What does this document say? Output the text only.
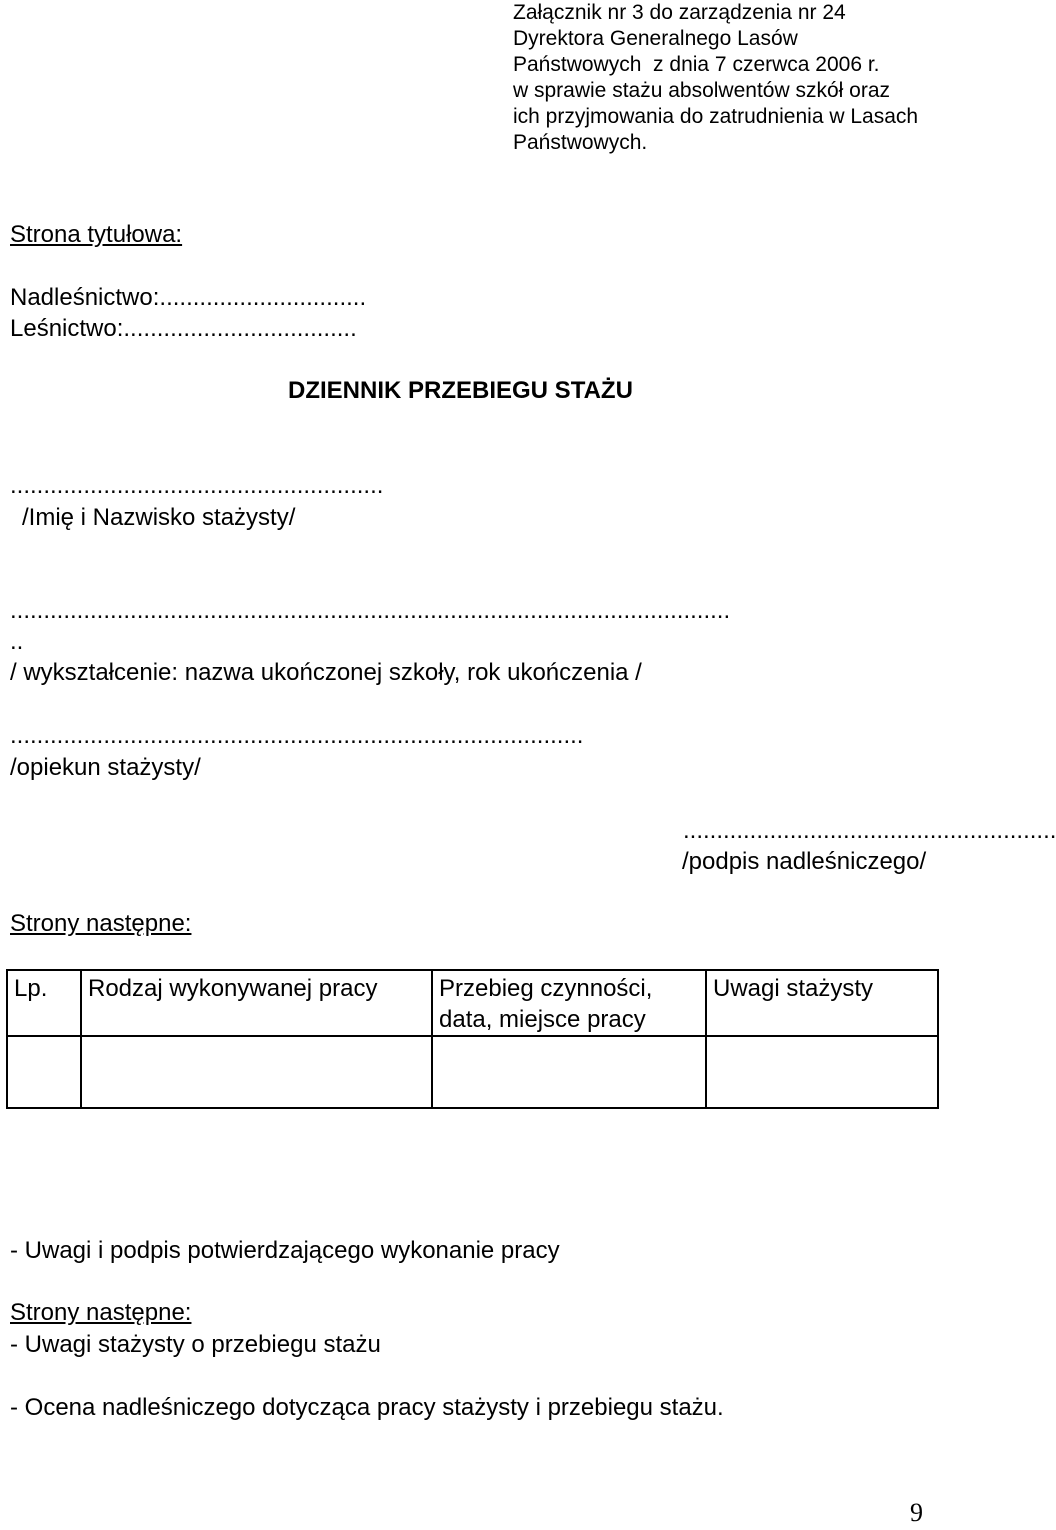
Załącznik nr 3 do zarządzenia nr 24
Dyrektora Generalnego Lasów
Państwowych  z dnia 7 czerwca 2006 r.
w sprawie stażu absolwentów szkół oraz
ich przyjmowania do zatrudnienia w Lasach
Państwowych.
Strona tytułowa:
Nadleśnictwo:...............................
Leśnictwo:...................................
DZIENNIK PRZEBIEGU STAŻU
........................................................
/Imię i Nazwisko stażysty/
............................................................................................................
..
/ wykształcenie: nazwa ukończonej szkoły, rok ukończenia /
......................................................................................
/opiekun stażysty/
........................................................
/podpis nadleśniczego/
Strony następne:
Lp.	Rodzaj wykonywanej pracy	Przebieg czynności, data, miejsce pracy	Uwagi stażysty

- Uwagi i podpis potwierdzającego wykonanie pracy
Strony następne:
- Uwagi stażysty o przebiegu stażu
- Ocena nadleśniczego dotycząca pracy stażysty i przebiegu stażu.
9
